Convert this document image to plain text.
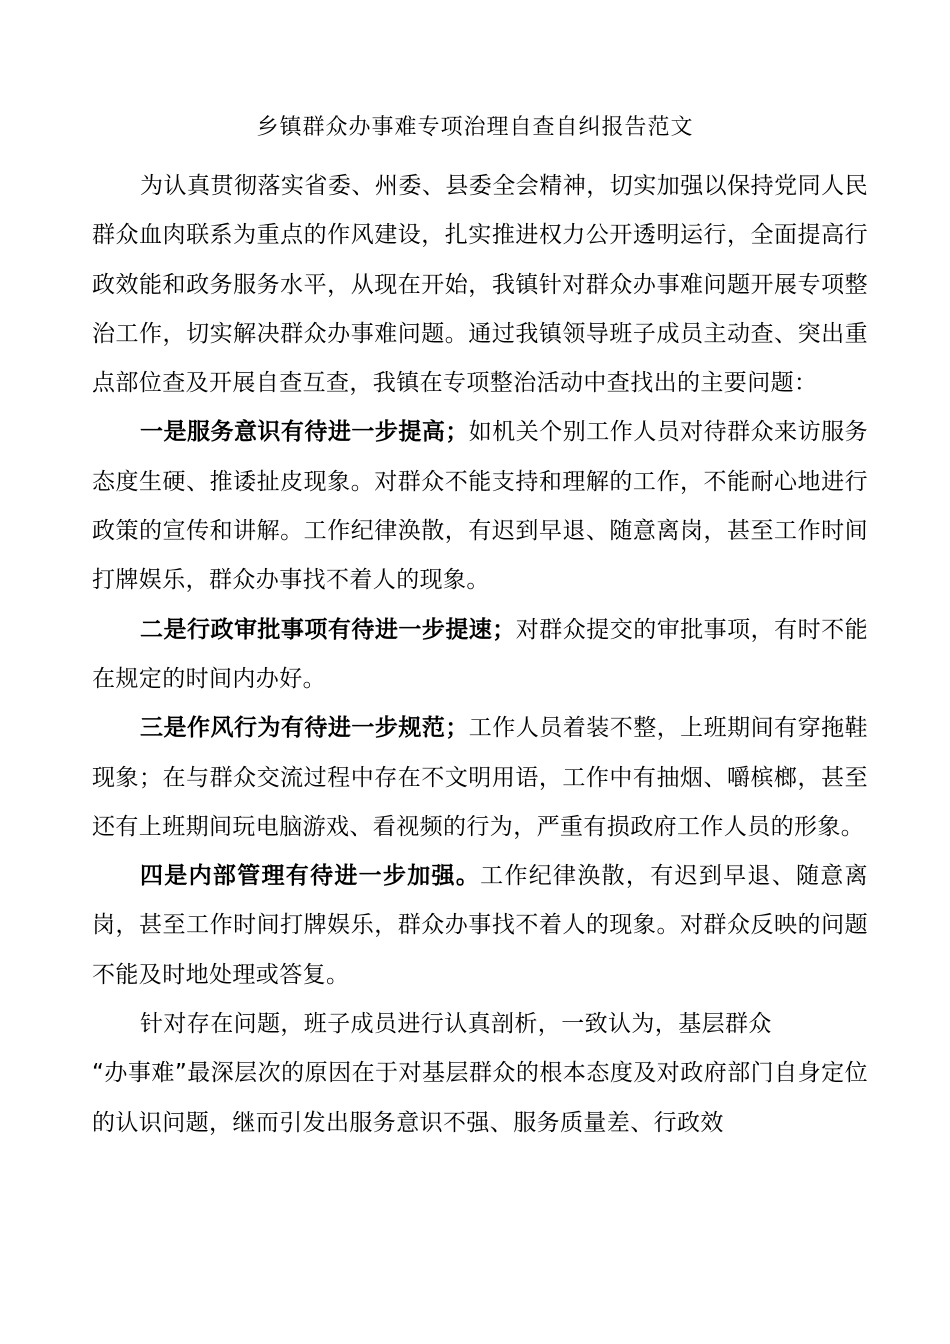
乡镇群众办事难专项治理自查自纠报告范文

为认真贯彻落实省委、州委、县委全会精神，切实加强以保持党同人民群众血肉联系为重点的作风建设，扎实推进权力公开透明运行，全面提高行政效能和政务服务水平，从现在开始，我镇针对群众办事难问题开展专项整治工作，切实解决群众办事难问题。通过我镇领导班子成员主动查、突出重点部位查及开展自查互查，我镇在专项整治活动中查找出的主要问题：

一是服务意识有待进一步提高；如机关个别工作人员对待群众来访服务态度生硬、推诿扯皮现象。对群众不能支持和理解的工作，不能耐心地进行政策的宣传和讲解。工作纪律涣散，有迟到早退、随意离岗，甚至工作时间打牌娱乐，群众办事找不着人的现象。

二是行政审批事项有待进一步提速；对群众提交的审批事项，有时不能在规定的时间内办好。

三是作风行为有待进一步规范；工作人员着装不整，上班期间有穿拖鞋现象；在与群众交流过程中存在不文明用语，工作中有抽烟、嚼槟榔，甚至还有上班期间玩电脑游戏、看视频的行为，严重有损政府工作人员的形象。

四是内部管理有待进一步加强。工作纪律涣散，有迟到早退、随意离岗，甚至工作时间打牌娱乐，群众办事找不着人的现象。对群众反映的问题不能及时地处理或答复。

针对存在问题，班子成员进行认真剖析，一致认为，基层群众

“办事难”最深层次的原因在于对基层群众的根本态度及对政府部门自身定位的认识问题，继而引发出服务意识不强、服务质量差、行政效
